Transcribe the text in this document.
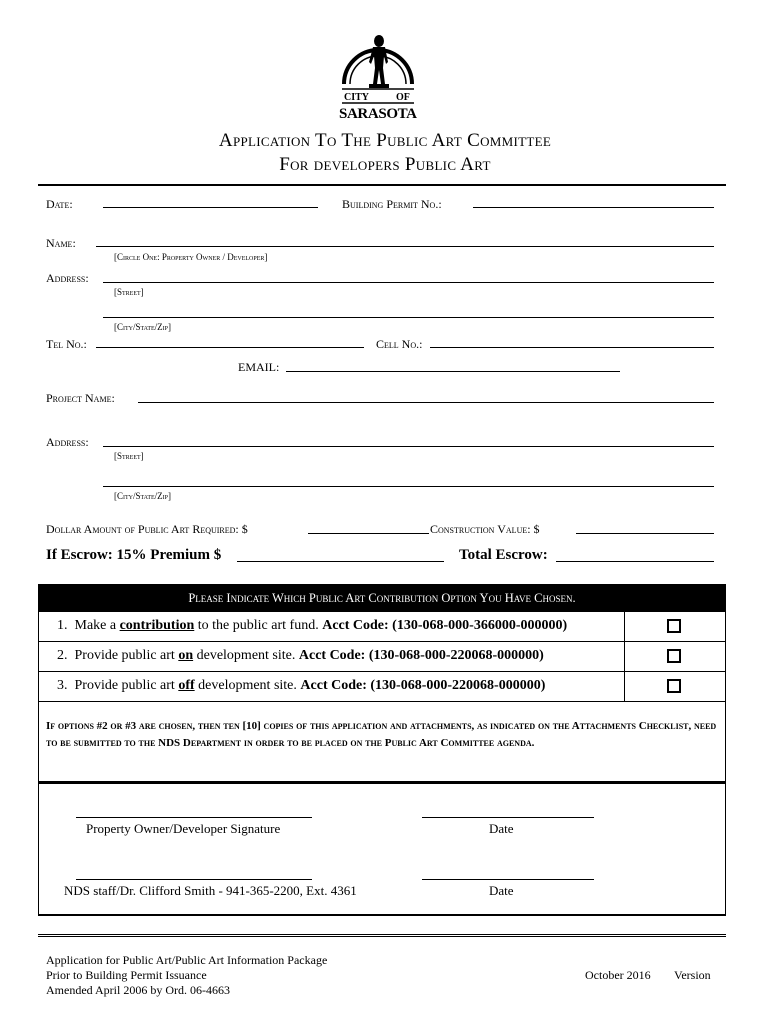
CITY	OF
SARASOTA
Application To The Public Art Committee
For developers Public Art
Date:	Building Permit No.:
Name:
[Circle One: Property Owner / Developer]
Address:
[Street]
[City/State/Zip]
Tel No.:	Cell No.:
EMAIL:
Project Name:
Address:
[Street]
[City/State/Zip]
Dollar Amount of Public Art Required: $	Construction Value: $
If Escrow: 15% Premium $	Total Escrow:
Please Indicate Which Public Art Contribution Option You Have Chosen.
1. Make a contribution to the public art fund. Acct Code: (130-068-000-366000-000000)
2. Provide public art on development site. Acct Code: (130-068-000-220068-000000)
3. Provide public art off development site. Acct Code: (130-068-000-220068-000000)
If options #2 or #3 are chosen, then ten [10] copies of this application and attachments, as indicated on the Attachments Checklist, need to be submitted to the NDS Department in order to be placed on the Public Art Committee agenda.
Property Owner/Developer Signature	Date
NDS staff/Dr. Clifford Smith - 941-365-2200, Ext. 4361	Date
Application for Public Art/Public Art Information Package
Prior to Building Permit Issuance
Amended April 2006 by Ord. 06-4663
October 2016 Version
